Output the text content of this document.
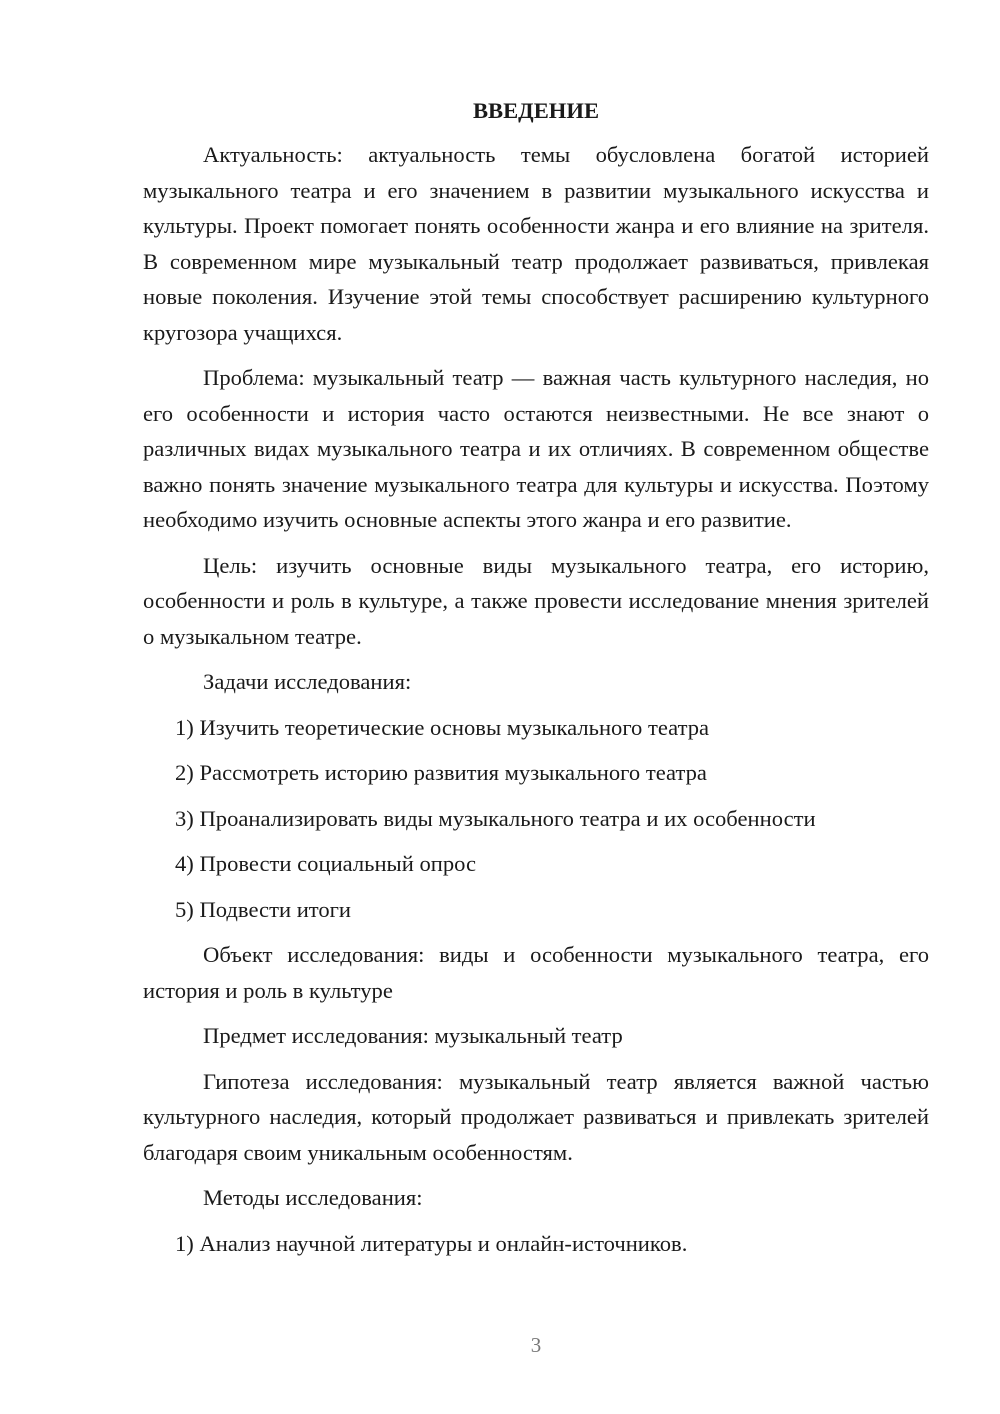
ВВЕДЕНИЕ

Актуальность: актуальность темы обусловлена богатой историей музыкального театра и его значением в развитии музыкального искусства и культуры. Проект помогает понять особенности жанра и его влияние на зрителя. В современном мире музыкальный театр продолжает развиваться, привлекая новые поколения. Изучение этой темы способствует расширению культурного кругозора учащихся.

Проблема: музыкальный театр — важная часть культурного наследия, но его особенности и история часто остаются неизвестными. Не все знают о различных видах музыкального театра и их отличиях. В современном обществе важно понять значение музыкального театра для культуры и искусства. Поэтому необходимо изучить основные аспекты этого жанра и его развитие.

Цель: изучить основные виды музыкального театра, его историю, особенности и роль в культуре, а также провести исследование мнения зрителей о музыкальном театре.

Задачи исследования:

1) Изучить теоретические основы музыкального театра
2) Рассмотреть историю развития музыкального театра
3) Проанализировать виды музыкального театра и их особенности
4) Провести социальный опрос
5) Подвести итоги

Объект исследования: виды и особенности музыкального театра, его история и роль в культуре

Предмет исследования: музыкальный театр

Гипотеза исследования: музыкальный театр является важной частью культурного наследия, который продолжает развиваться и привлекать зрителей благодаря своим уникальным особенностям.

Методы исследования:

1) Анализ научной литературы и онлайн-источников.
3
